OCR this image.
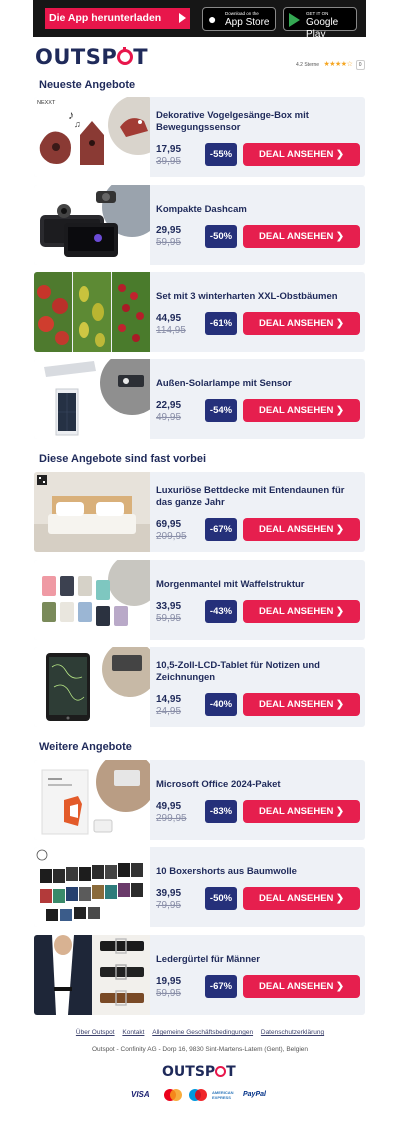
Die App herunterladen	● Download on the
App Store
GET IT ON
Google Play
OUTSP T	4.2 Sterne ★★★★☆ 0
Neueste Angebote
NEXXT
♪
♫
Dekorative Vogelgesänge-Box mit Bewegungssensor
17,95
39,95
-55%	DEAL ANSEHEN ❯
Kompakte Dashcam
29,95
59,95
-50%	DEAL ANSEHEN ❯
Set mit 3 winterharten XXL-Obstbäumen
44,95
114,95
-61%	DEAL ANSEHEN ❯
Außen-Solarlampe mit Sensor
22,95
49,95
-54%	DEAL ANSEHEN ❯
Diese Angebote sind fast vorbei
Luxuriöse Bettdecke mit Entendaunen für das ganze Jahr
69,95
209,95
-67%	DEAL ANSEHEN ❯
Morgenmantel mit Waffelstruktur
33,95
59,95
-43%	DEAL ANSEHEN ❯
10,5-Zoll-LCD-Tablet für Notizen und Zeichnungen
14,95
24,95
-40%	DEAL ANSEHEN ❯
Weitere Angebote
Microsoft Office 2024-Paket
49,95
299,95
-83%	DEAL ANSEHEN ❯
10 Boxershorts aus Baumwolle
39,95
79,95
-50%	DEAL ANSEHEN ❯
Ledergürtel für Männer
19,95
59,95
-67%	DEAL ANSEHEN ❯
Über Outspot Kontakt Allgemeine Geschäftsbedingungen Datenschutzerklärung
Outspot - Confinity AG - Dorp 16, 9830 Sint-Martens-Latem (Gent), Belgien
OUTSP T
VISA	AMERICAN EXPRESS	PayPal
